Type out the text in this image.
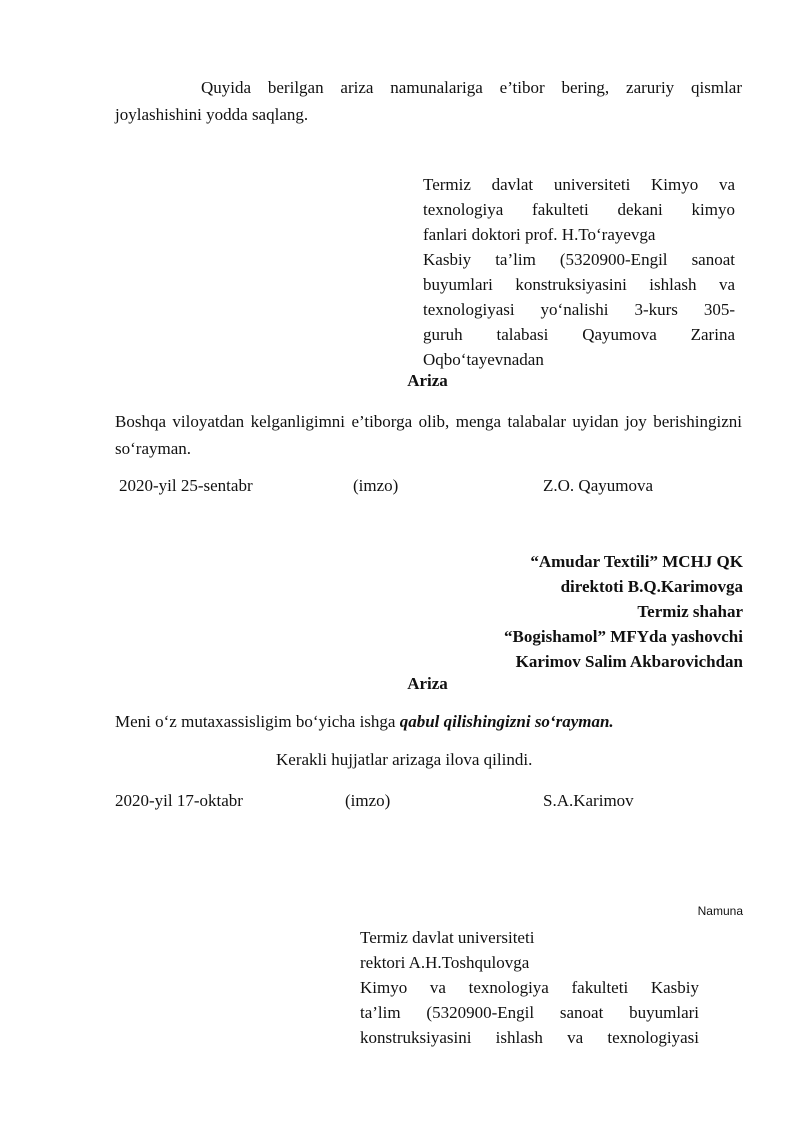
Quyida berilgan ariza namunalariga e’tibor bering, zaruriy qismlar joylashishini yodda saqlang.
Termiz davlat universiteti Kimyo va
texnologiya fakulteti dekani kimyo
fanlari doktori prof. H.To‘rayevga
Kasbiy ta’lim (5320900-Engil sanoat
buyumlari konstruksiyasini ishlash va
texnologiyasi yo‘nalishi 3-kurs 305-
guruh talabasi Qayumova Zarina
Oqbo‘tayevnadan
Ariza
Boshqa viloyatdan kelganligimni e’tiborga olib, menga talabalar uyidan joy berishingizni so‘rayman.
2020-yil 25-sentabr	(imzo)	Z.O. Qayumova
“Amudar Textili” MCHJ QK
direktoti B.Q.Karimovga
Termiz shahar
“Bogishamol” MFYda yashovchi
Karimov Salim Akbarovichdan
Ariza
Meni o‘z mutaxassisligim bo‘yicha ishga qabul qilishingizni so‘rayman.
Kerakli hujjatlar arizaga ilova qilindi.
2020-yil 17-oktabr	(imzo)	S.A.Karimov
Namuna
Termiz davlat universiteti
rektori A.H.Toshqulovga
Kimyo va texnologiya fakulteti Kasbiy
ta’lim (5320900-Engil sanoat buyumlari
konstruksiyasini ishlash va texnologiyasi
